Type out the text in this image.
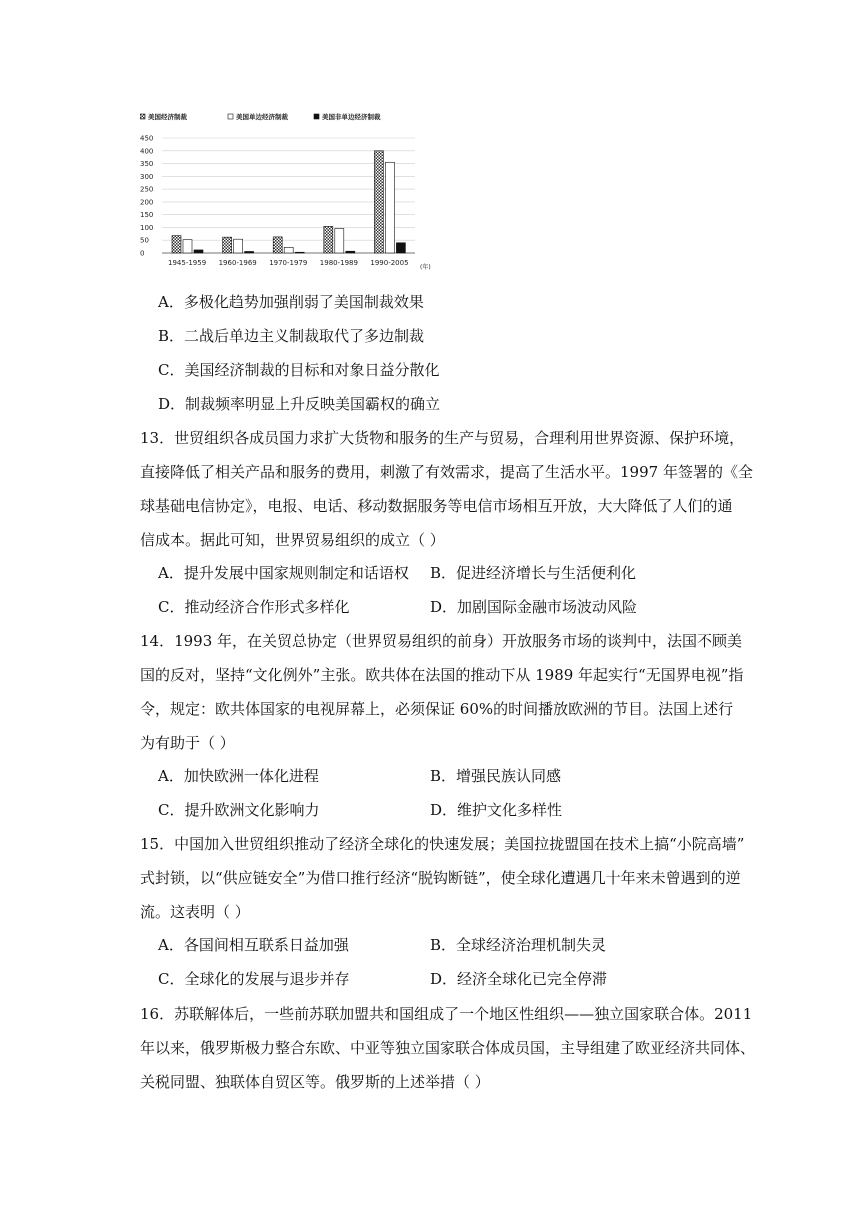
美国经济制裁	美国单边经济制裁	美国非单边经济制裁
0
50
100
150
200
250
300
350
400
450
1945-1959 1960-1969 1970-1979 1980-1989 1990-2005
(年)
A．多极化趋势加强削弱了美国制裁效果
B．二战后单边主义制裁取代了多边制裁
C．美国经济制裁的目标和对象日益分散化
D．制裁频率明显上升反映美国霸权的确立
13．世贸组织各成员国力求扩大货物和服务的生产与贸易，合理利用世界资源、保护环境，
直接降低了相关产品和服务的费用，刺激了有效需求，提高了生活水平。1997 年签署的《全
球基础电信协定》，电报、电话、移动数据服务等电信市场相互开放，大大降低了人们的通
信成本。据此可知，世界贸易组织的成立（ ）
A．提升发展中国家规则制定和话语权 B．促进经济增长与生活便利化
C．推动经济合作形式多样化	D．加剧国际金融市场波动风险
14．1993 年，在关贸总协定（世界贸易组织的前身）开放服务市场的谈判中，法国不顾美
国的反对，坚持“文化例外”主张。欧共体在法国的推动下从 1989 年起实行“无国界电视”指
令，规定：欧共体国家的电视屏幕上，必须保证 60%的时间播放欧洲的节目。法国上述行
为有助于（ ）
A．加快欧洲一体化进程	B．增强民族认同感
C．提升欧洲文化影响力	D．维护文化多样性
15．中国加入世贸组织推动了经济全球化的快速发展；美国拉拢盟国在技术上搞“小院高墙”
式封锁，以“供应链安全”为借口推行经济“脱钩断链”，使全球化遭遇几十年来未曾遇到的逆
流。这表明（ ）
A．各国间相互联系日益加强	B．全球经济治理机制失灵
C．全球化的发展与退步并存	D．经济全球化已完全停滞
16．苏联解体后，一些前苏联加盟共和国组成了一个地区性组织——独立国家联合体。2011
年以来，俄罗斯极力整合东欧、中亚等独立国家联合体成员国，主导组建了欧亚经济共同体、
关税同盟、独联体自贸区等。俄罗斯的上述举措（ ）
